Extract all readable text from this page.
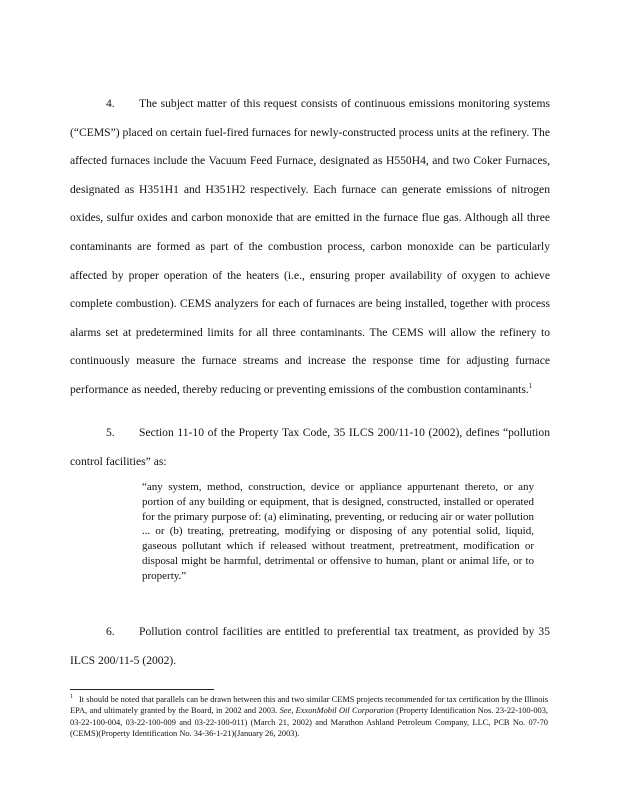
4. The subject matter of this request consists of continuous emissions monitoring systems (“CEMS”) placed on certain fuel-fired furnaces for newly-constructed process units at the refinery. The affected furnaces include the Vacuum Feed Furnace, designated as H550H4, and two Coker Furnaces, designated as H351H1 and H351H2 respectively. Each furnace can generate emissions of nitrogen oxides, sulfur oxides and carbon monoxide that are emitted in the furnace flue gas. Although all three contaminants are formed as part of the combustion process, carbon monoxide can be particularly affected by proper operation of the heaters (i.e., ensuring proper availability of oxygen to achieve complete combustion). CEMS analyzers for each of furnaces are being installed, together with process alarms set at predetermined limits for all three contaminants. The CEMS will allow the refinery to continuously measure the furnace streams and increase the response time for adjusting furnace performance as needed, thereby reducing or preventing emissions of the combustion contaminants.$^1$
5. Section 11-10 of the Property Tax Code, 35 ILCS 200/11-10 (2002), defines “pollution control facilities” as:
“any system, method, construction, device or appliance appurtenant thereto, or any portion of any building or equipment, that is designed, constructed, installed or operated for the primary purpose of: (a) eliminating, preventing, or reducing air or water pollution ... or (b) treating, pretreating, modifying or disposing of any potential solid, liquid, gaseous pollutant which if released without treatment, pretreatment, modification or disposal might be harmful, detrimental or offensive to human, plant or animal life, or to property.”
6. Pollution control facilities are entitled to preferential tax treatment, as provided by 35 ILCS 200/11-5 (2002).
$^1$ It should be noted that parallels can be drawn between this and two similar CEMS projects recommended for tax certification by the Illinois EPA, and ultimately granted by the Board, in 2002 and 2003. See, ExxonMobil Oil Corporation (Property Identification Nos. 23-22-100-003, 03-22-100-004, 03-22-100-009 and 03-22-100-011) (March 21, 2002) and Marathon Ashland Petroleum Company, LLC, PCB No. 07-70 (CEMS)(Property Identification No. 34-36-1-21)(January 26, 2003).
